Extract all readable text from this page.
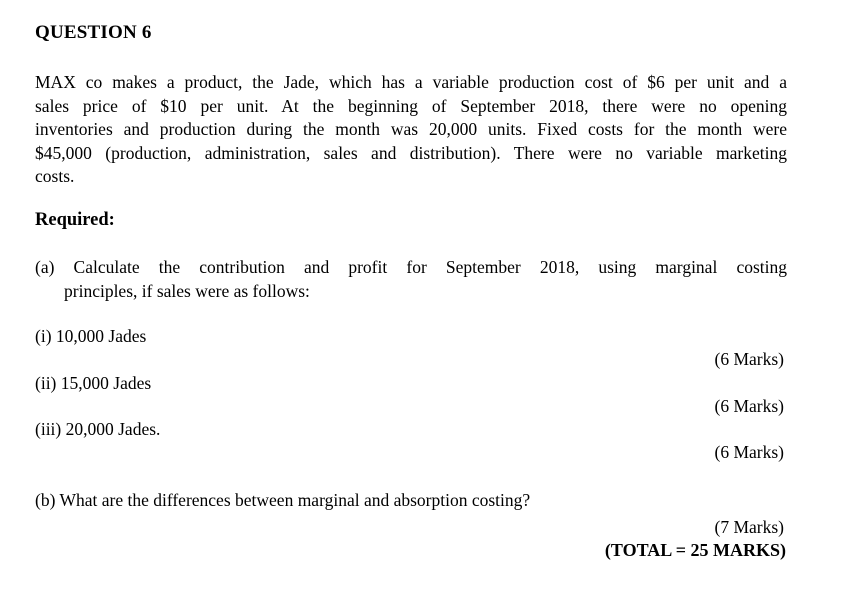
QUESTION 6
MAX co makes a product, the Jade, which has a variable production cost of $6 per unit and a
sales price of $10 per unit. At the beginning of September 2018, there were no opening
inventories and production during the month was 20,000 units. Fixed costs for the month were
$45,000 (production, administration, sales and distribution). There were no variable marketing
costs.
Required:
(a) Calculate the contribution and profit for September 2018, using marginal costing
principles, if sales were as follows:
(i) 10,000 Jades
(6 Marks)
(ii) 15,000 Jades
(6 Marks)
(iii) 20,000 Jades.
(6 Marks)
(b) What are the differences between marginal and absorption costing?
(7 Marks)
(TOTAL = 25 MARKS)
